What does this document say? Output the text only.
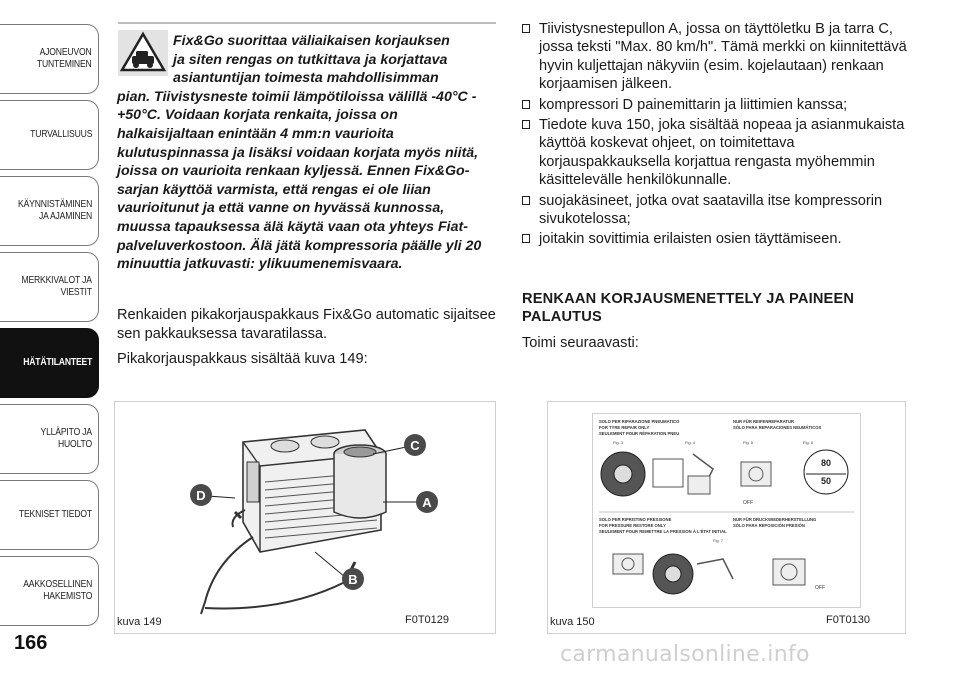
AJONEUVON
TUNTEMINEN
TURVALLISUUS
KÄYNNISTÄMINEN
JA AJAMINEN
MERKKIVALOT JA
VIESTIT
HÄTÄTILANTEET
YLLÄPITO JA HUOLTO
TEKNISET TIEDOT
AAKKOSELLINEN
HAKEMISTO
166
Fix&Go suorittaa väliaikaisen korjauksen
ja siten rengas on tutkittava ja korjattava
asiantuntijan toimesta mahdollisimman
pian. Tiivistysneste toimii lämpötiloissa välillä -40°C - +50°C. Voidaan korjata renkaita, joissa on halkaisijaltaan enintään 4 mm:n vaurioita kulutuspinnassa ja lisäksi voidaan korjata myös niitä, joissa on vaurioita renkaan kyljessä. Ennen Fix&Go-sarjan käyttöä varmista, että rengas ei ole liian vaurioitunut ja että vanne on hyvässä kunnossa, muussa tapauksessa älä käytä vaan ota yhteys Fiat-palveluverkostoon. Älä jätä kompressoria päälle yli 20 minuuttia jatkuvasti: ylikuumenemisvaara.
Renkaiden pikakorjauspakkaus Fix&Go automatic sijaitsee sen pakkauksessa tavaratilassa.
Pikakorjauspakkaus sisältää kuva 149:
Tiivistysnestepullon A, jossa on täyttöletku B ja tarra C, jossa teksti "Max. 80 km/h". Tämä merkki on kiinnitettävä hyvin kuljettajan näkyviin (esim. kojelautaan) renkaan korjaamisen jälkeen.
kompressori D painemittarin ja liittimien kanssa;
Tiedote kuva 150, joka sisältää nopeaa ja asianmukaista käyttöä koskevat ohjeet, on toimitettava korjauspakkauksella korjattua rengasta myöhemmin käsittelevälle henkilökunnalle.
suojakäsineet, jotka ovat saatavilla itse kompressorin sivukotelossa;
joitakin sovittimia erilaisten osien täyttämiseen.
RENKAAN KORJAUSMENETTELY JA PAINEEN PALAUTUS
Toimi seuraavasti:
C
D	A
B
kuva 149	F0T0129
SOLO PER RIPARAZIONE PNEUMATICO
FOR TYRE REPAIR ONLY
SEULEMENT POUR RÉPARATION PNEU
NUR FÜR REIFENREPARATUR
SÓLO PARA REPARACIONES NEUMÁTICOS
SOLO PER RIPRISTINO PRESSIONE
FOR PRESSURE RESTORE ONLY
SEULEMENT POUR REMETTRE LA PRESSION À L'ÉTAT INITIAL
NUR FÜR DRUCKWIEDERHERSTELLUNG
SÓLO PARA REPOSICIÓN PRESIÓN
Fig. 3	Fig. 4	Fig. 5	Fig. 6
Fig. 7
80
50
OFF
OFF
kuva 150	F0T0130
carmanualsonline.info
